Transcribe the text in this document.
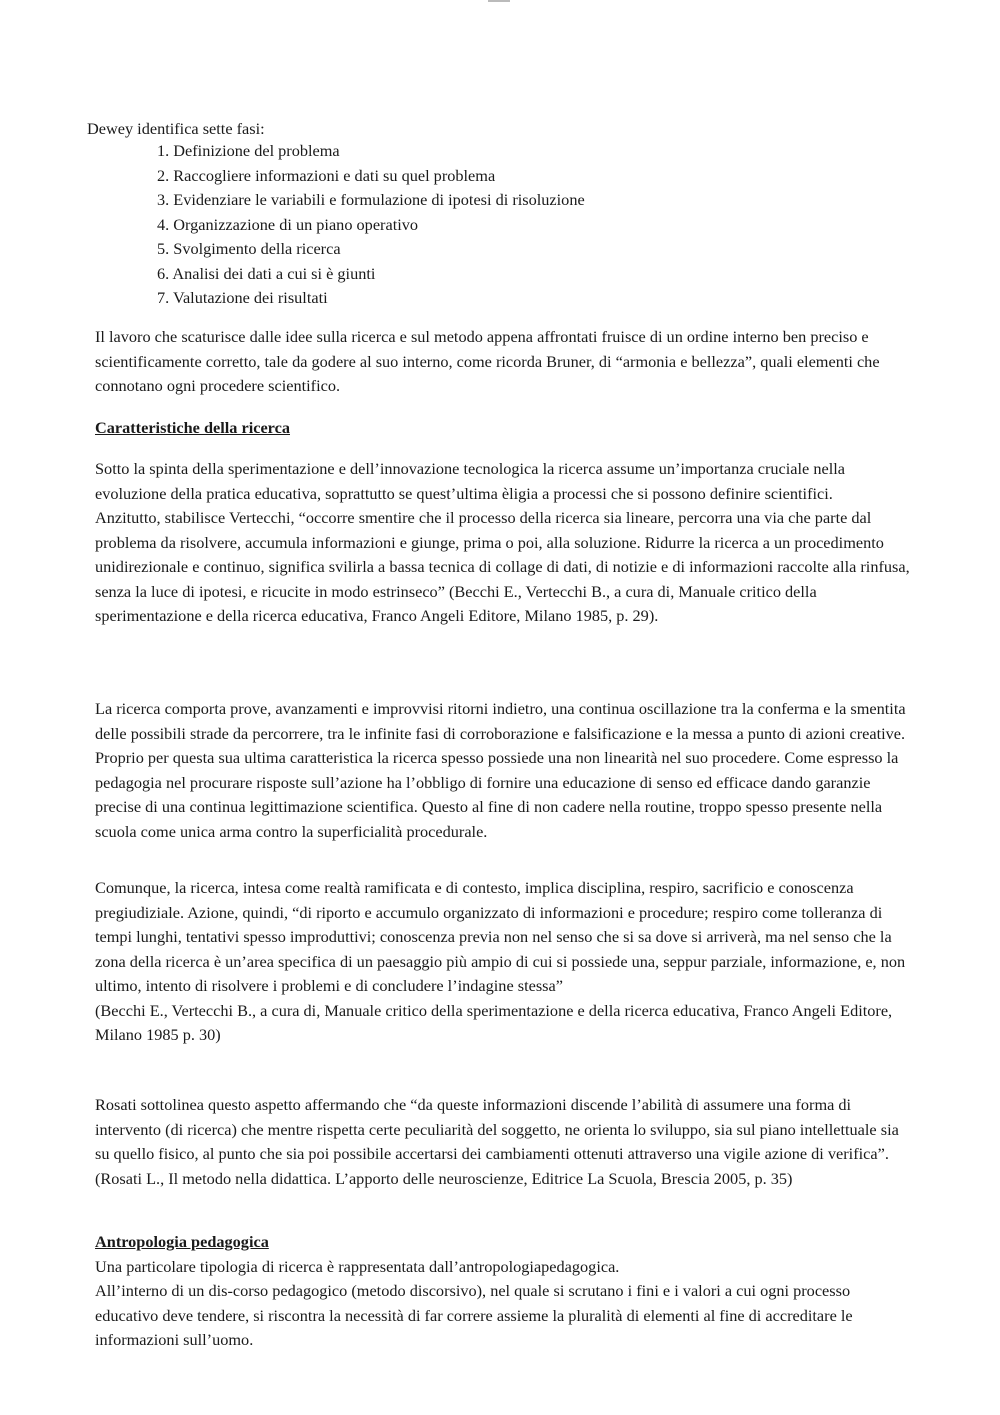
Dewey identifica sette fasi:
1. Definizione del problema
2. Raccogliere informazioni e dati su quel problema
3. Evidenziare le variabili e formulazione di ipotesi di risoluzione
4. Organizzazione di un piano operativo
5. Svolgimento della ricerca
6. Analisi dei dati a cui si è giunti
7. Valutazione dei risultati

Il lavoro che scaturisce dalle idee sulla ricerca e sul metodo appena affrontati fruisce di un ordine interno ben preciso e scientificamente corretto, tale da godere al suo interno, come ricorda Bruner, di “armonia e bellezza”, quali elementi che connotano ogni procedere scientifico.

Caratteristiche della ricerca

Sotto la spinta della sperimentazione e dell’innovazione tecnologica la ricerca assume un’importanza cruciale nella evoluzione della pratica educativa, soprattutto se quest’ultima èligia a processi che si possono definire scientifici.

Anzitutto, stabilisce Vertecchi, “occorre smentire che il processo della ricerca sia lineare, percorra una via che parte dal problema da risolvere, accumula informazioni e giunge, prima o poi, alla soluzione. Ridurre la ricerca a un procedimento unidirezionale e continuo, significa svilirla a bassa tecnica di collage di dati, di notizie e di informazioni raccolte alla rinfusa, senza la luce di ipotesi, e ricucite in modo estrinseco” (Becchi E., Vertecchi B., a cura di, Manuale critico della sperimentazione e della ricerca educativa, Franco Angeli Editore, Milano 1985, p. 29).

La ricerca comporta prove, avanzamenti e improvvisi ritorni indietro, una continua oscillazione tra la conferma e la smentita delle possibili strade da percorrere, tra le infinite fasi di corroborazione e falsificazione e la messa a punto di azioni creative. Proprio per questa sua ultima caratteristica la ricerca spesso possiede una non linearità nel suo procedere. Come espresso la pedagogia nel procurare risposte sull’azione ha l’obbligo di fornire una educazione di senso ed efficace dando garanzie precise di una continua legittimazione scientifica. Questo al fine di non cadere nella routine, troppo spesso presente nella scuola come unica arma contro la superficialità procedurale.

Comunque, la ricerca, intesa come realtà ramificata e di contesto, implica disciplina, respiro, sacrificio e conoscenza pregiudiziale. Azione, quindi, “di riporto e accumulo organizzato di informazioni e procedure; respiro come tolleranza di tempi lunghi, tentativi spesso improduttivi; conoscenza previa non nel senso che si sa dove si arriverà, ma nel senso che la zona della ricerca è un’area specifica di un paesaggio più ampio di cui si possiede una, seppur parziale, informazione, e, non ultimo, intento di risolvere i problemi e di concludere l’indagine stessa”

(Becchi E., Vertecchi B., a cura di, Manuale critico della sperimentazione e della ricerca educativa, Franco Angeli Editore, Milano 1985 p. 30)

Rosati sottolinea questo aspetto affermando che “da queste informazioni discende l’abilità di assumere una forma di intervento (di ricerca) che mentre rispetta certe peculiarità del soggetto, ne orienta lo sviluppo, sia sul piano intellettuale sia su quello fisico, al punto che sia poi possibile accertarsi dei cambiamenti ottenuti attraverso una vigile azione di verifica”.

(Rosati L., Il metodo nella didattica. L’apporto delle neuroscienze, Editrice La Scuola, Brescia 2005, p. 35)

Antropologia pedagogica

Una particolare tipologia di ricerca è rappresentata dall’antropologiapedagogica.

All’interno di un dis-corso pedagogico (metodo discorsivo), nel quale si scrutano i fini e i valori a cui ogni processo educativo deve tendere, si riscontra la necessità di far correre assieme la pluralità di elementi al fine di accreditare le informazioni sull’uomo.
